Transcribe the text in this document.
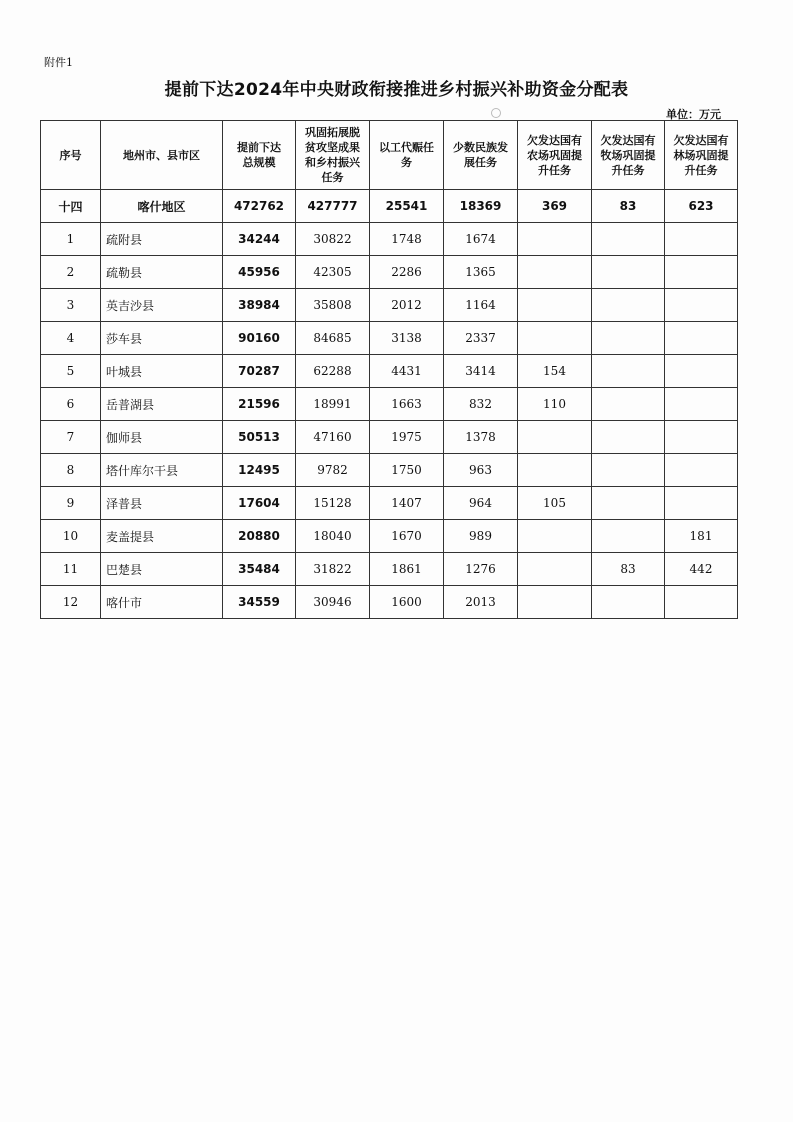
附件1
提前下达2024年中央财政衔接推进乡村振兴补助资金分配表
单位：万元
序号	地州市、县市区	提前下达总规模	巩固拓展脱贫攻坚成果和乡村振兴任务	以工代赈任务	少数民族发展任务	欠发达国有农场巩固提升任务	欠发达国有牧场巩固提升任务	欠发达国有林场巩固提升任务

十四	喀什地区	472762	427777	25541	18369	369	83	623
1	疏附县	34244	30822	1748	1674			
2	疏勒县	45956	42305	2286	1365			
3	英吉沙县	38984	35808	2012	1164			
4	莎车县	90160	84685	3138	2337			
5	叶城县	70287	62288	4431	3414	154		
6	岳普湖县	21596	18991	1663	832	110		
7	伽师县	50513	47160	1975	1378			
8	塔什库尔干县	12495	9782	1750	963			
9	泽普县	17604	15128	1407	964	105		
10	麦盖提县	20880	18040	1670	989			181
11	巴楚县	35484	31822	1861	1276		83	442
12	喀什市	34559	30946	1600	2013			
